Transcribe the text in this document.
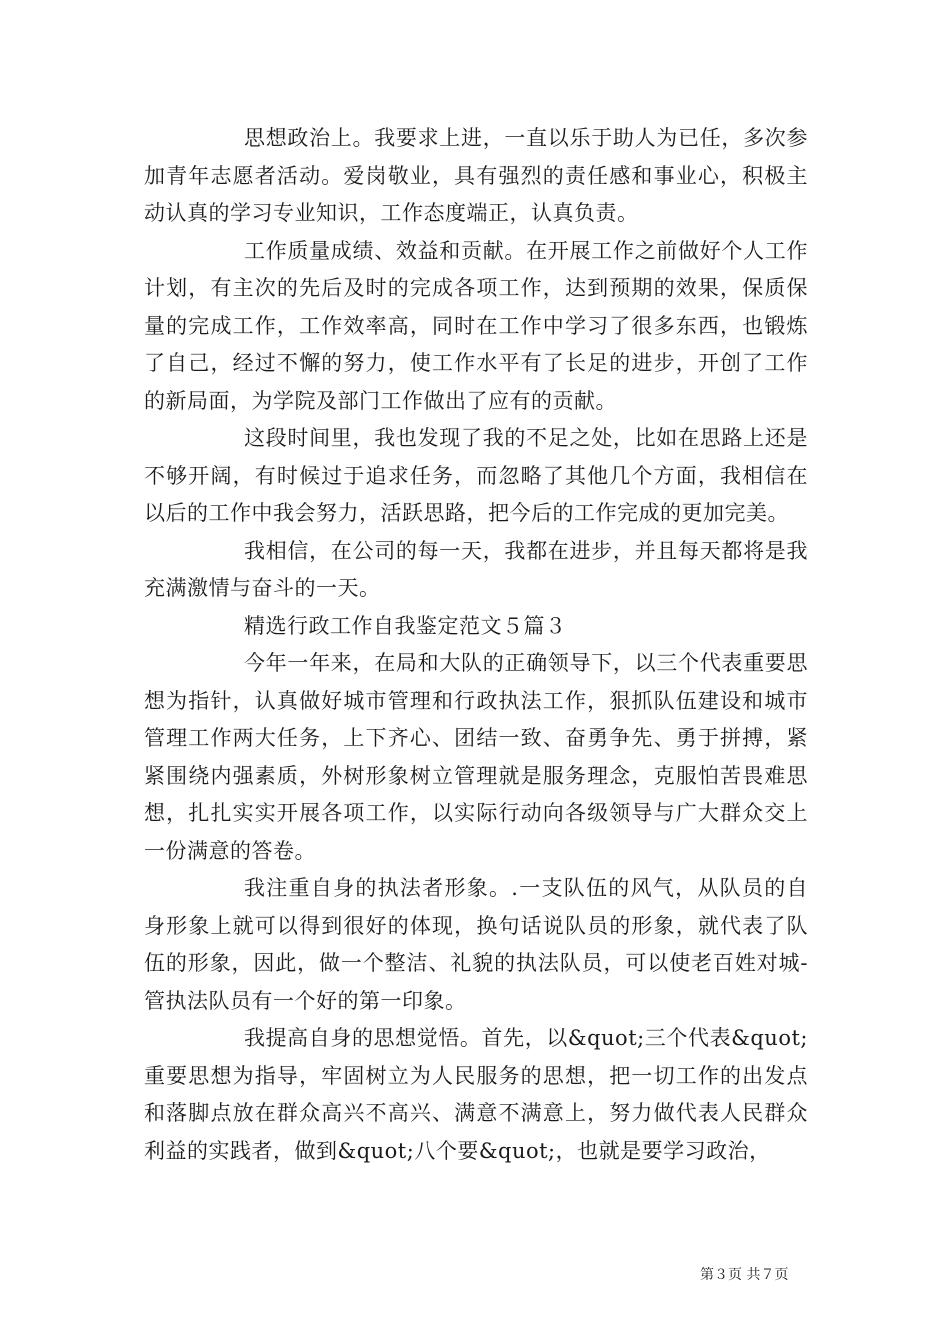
思想政治上。我要求上进，一直以乐于助人为已任，多次参加青年志愿者活动。爱岗敬业，具有强烈的责任感和事业心，积极主动认真的学习专业知识，工作态度端正，认真负责。

工作质量成绩、效益和贡献。在开展工作之前做好个人工作计划，有主次的先后及时的完成各项工作，达到预期的效果，保质保量的完成工作，工作效率高，同时在工作中学习了很多东西，也锻炼了自己，经过不懈的努力，使工作水平有了长足的进步，开创了工作的新局面，为学院及部门工作做出了应有的贡献。

这段时间里，我也发现了我的不足之处，比如在思路上还是不够开阔，有时候过于追求任务，而忽略了其他几个方面，我相信在以后的工作中我会努力，活跃思路，把今后的工作完成的更加完美。

我相信，在公司的每一天，我都在进步，并且每天都将是我充满激情与奋斗的一天。

精选行政工作自我鉴定范文５篇３

今年一年来，在局和大队的正确领导下，以三个代表重要思想为指针，认真做好城市管理和行政执法工作，狠抓队伍建设和城市管理工作两大任务，上下齐心、团结一致、奋勇争先、勇于拼搏，紧紧围绕内强素质，外树形象树立管理就是服务理念，克服怕苦畏难思想，扎扎实实开展各项工作，以实际行动向各级领导与广大群众交上一份满意的答卷。

我注重自身的执法者形象。.一支队伍的风气，从队员的自身形象上就可以得到很好的体现，换句话说队员的形象，就代表了队伍的形象，因此，做一个整洁、礼貌的执法队员，可以使老百姓对城-管执法队员有一个好的第一印象。

我提高自身的思想觉悟。首先，以&quot;三个代表&quot;重要思想为指导，牢固树立为人民服务的思想，把一切工作的出发点和落脚点放在群众高兴不高兴、满意不满意上，努力做代表人民群众利益的实践者，做到&quot;八个要&quot;，也就是要学习政治，

第３页 共７页
